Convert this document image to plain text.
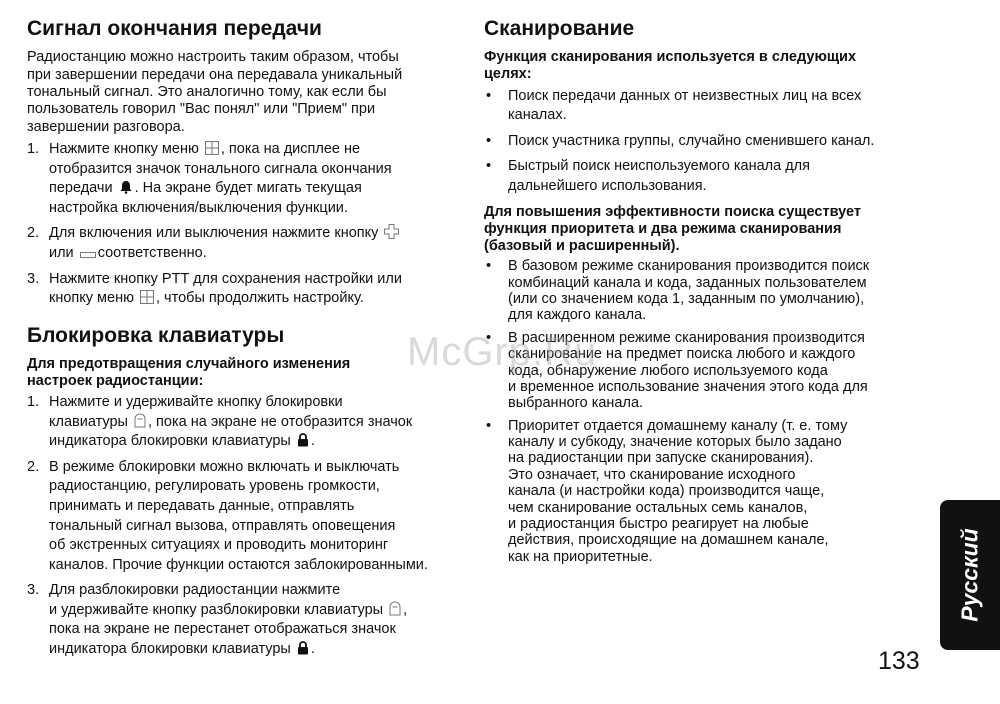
Сигнал окончания передачи

Радиостанцию можно настроить таким образом, чтобы
при завершении передачи она передавала уникальный
тональный сигнал. Это аналогично тому, как если бы
пользователь говорил "Вас понял" или "Прием" при
завершении разговора.

1. Нажмите кнопку меню , пока на дисплее не
отобразится значок тонального сигнала окончания
передачи . На экране будет мигать текущая
настройка включения/выключения функции.
2. Для включения или выключения нажмите кнопку
или соответственно.
3. Нажмите кнопку PTT для сохранения настройки или
кнопку меню , чтобы продолжить настройку.
Блокировка клавиатуры

Для предотвращения случайного изменения
настроек радиостанции:

1. Нажмите и удерживайте кнопку блокировки
клавиатуры , пока на экране не отобразится значок
индикатора блокировки клавиатуры .
2. В режиме блокировки можно включать и выключать
радиостанцию, регулировать уровень громкости,
принимать и передавать данные, отправлять
тональный сигнал вызова, отправлять оповещения
об экстренных ситуациях и проводить мониторинг
каналов. Прочие функции остаются заблокированными.
3. Для разблокировки радиостанции нажмите
и удерживайте кнопку разблокировки клавиатуры ,
пока на экране не перестанет отображаться значок
индикатора блокировки клавиатуры .
Сканирование

Функция сканирования используется в следующих
целях:

• Поиск передачи данных от неизвестных лиц на всех
каналах.
• Поиск участника группы, случайно сменившего канал.
• Быстрый поиск неиспользуемого канала для
дальнейшего использования.

Для повышения эффективности поиска существует
функция приоритета и два режима сканирования
(базовый и расширенный).

• В базовом режиме сканирования производится поиск
комбинаций канала и кода, заданных пользователем
(или со значением кода 1, заданным по умолчанию),
для каждого канала.
• В расширенном режиме сканирования производится
сканирование на предмет поиска любого и каждого
кода, обнаружение любого используемого кода
и временное использование значения этого кода для
выбранного канала.
• Приоритет отдается домашнему каналу (т. е. тому
каналу и субкоду, значение которых было задано
на радиостанции при запуске сканирования).
Это означает, что сканирование исходного
канала (и настройки кода) производится чаще,
чем сканирование остальных семь каналов,
и радиостанция быстро реагирует на любые
действия, происходящие на домашнем канале,
как на приоритетные.
McGrp.Ru
Русский
133
